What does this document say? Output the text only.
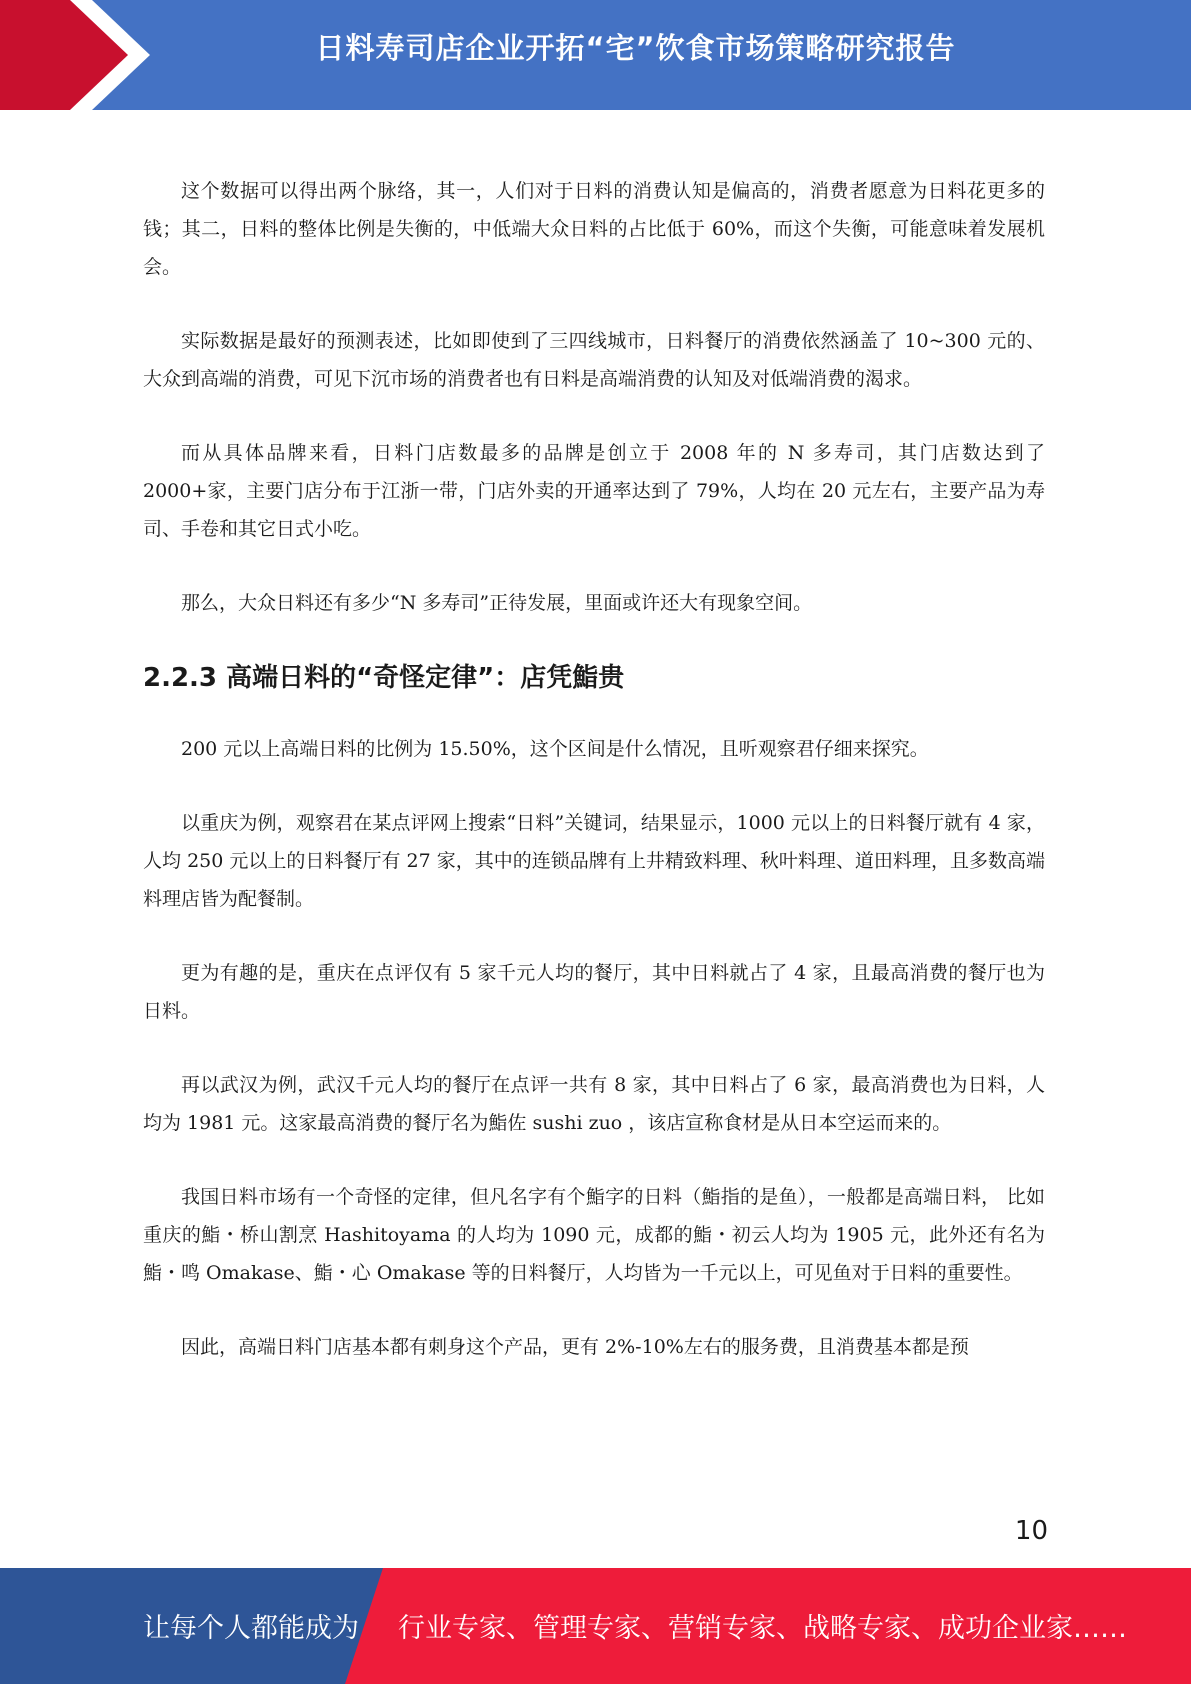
日料寿司店企业开拓“宅”饮食市场策略研究报告

这个数据可以得出两个脉络，其一，人们对于日料的消费认知是偏高的，消费者愿意为日料花更多的钱；其二，日料的整体比例是失衡的，中低端大众日料的占比低于 60%，而这个失衡，可能意味着发展机会。

实际数据是最好的预测表述，比如即使到了三四线城市，日料餐厅的消费依然涵盖了 10~300 元的、大众到高端的消费，可见下沉市场的消费者也有日料是高端消费的认知及对低端消费的渴求。

而从具体品牌来看，日料门店数最多的品牌是创立于 2008 年的 N 多寿司，其门店数达到了 2000+家，主要门店分布于江浙一带，门店外卖的开通率达到了 79%，人均在 20 元左右，主要产品为寿司、手卷和其它日式小吃。

那么，大众日料还有多少“N 多寿司”正待发展，里面或许还大有现象空间。

2.2.3 高端日料的“奇怪定律”：店凭鮨贵

200 元以上高端日料的比例为 15.50%，这个区间是什么情况，且听观察君仔细来探究。

以重庆为例，观察君在某点评网上搜索“日料”关键词，结果显示，1000 元以上的日料餐厅就有 4 家，人均 250 元以上的日料餐厅有 27 家，其中的连锁品牌有上井精致料理、秋叶料理、道田料理，且多数高端料理店皆为配餐制。

更为有趣的是，重庆在点评仅有 5 家千元人均的餐厅，其中日料就占了 4 家，且最高消费的餐厅也为日料。

再以武汉为例，武汉千元人均的餐厅在点评一共有 8 家，其中日料占了 6 家，最高消费也为日料，人均为 1981 元。这家最高消费的餐厅名为鮨佐 sushi zuo ，该店宣称食材是从日本空运而来的。

我国日料市场有一个奇怪的定律，但凡名字有个鮨字的日料（鮨指的是鱼），一般都是高端日料， 比如重庆的鮨・桥山割烹 Hashitoyama 的人均为 1090 元，成都的鮨・初云人均为 1905 元，此外还有名为鮨・鸣 Omakase、鮨・心 Omakase 等的日料餐厅，人均皆为一千元以上，可见鱼对于日料的重要性。

因此，高端日料门店基本都有刺身这个产品，更有 2%-10%左右的服务费，且消费基本都是预

10
让每个人都能成为 行业专家、管理专家、营销专家、战略专家、成功企业家……
